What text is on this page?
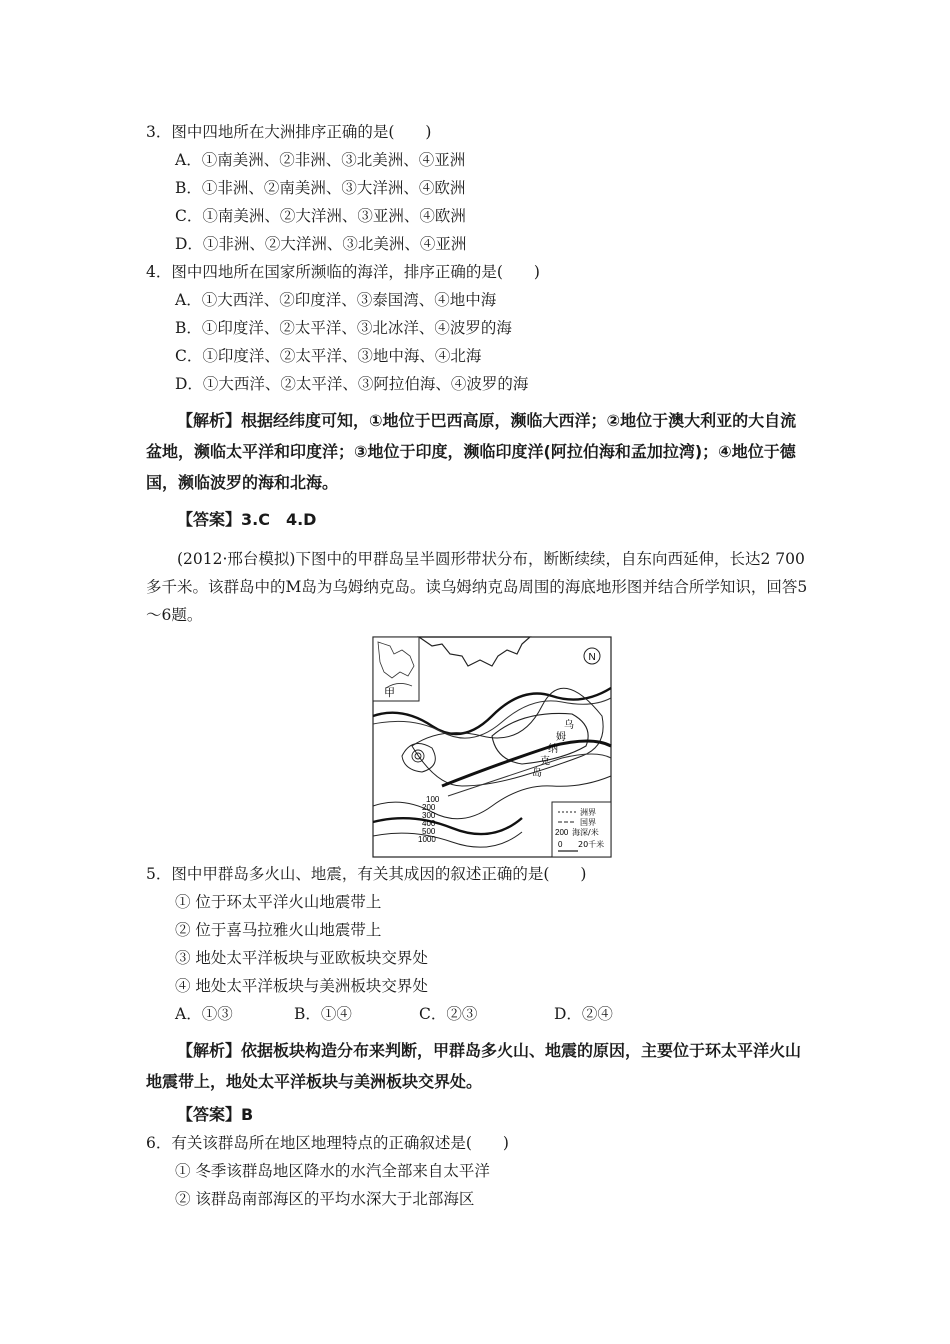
3．图中四地所在大洲排序正确的是(　　)
A．①南美洲、②非洲、③北美洲、④亚洲
B．①非洲、②南美洲、③大洋洲、④欧洲
C．①南美洲、②大洋洲、③亚洲、④欧洲
D．①非洲、②大洋洲、③北美洲、④亚洲
4．图中四地所在国家所濒临的海洋，排序正确的是(　　)
A．①大西洋、②印度洋、③泰国湾、④地中海
B．①印度洋、②太平洋、③北冰洋、④波罗的海
C．①印度洋、②太平洋、③地中海、④北海
D．①大西洋、②太平洋、③阿拉伯海、④波罗的海
【解析】根据经纬度可知，①地位于巴西高原，濒临大西洋；②地位于澳大利亚的大自流盆地，濒临太平洋和印度洋；③地位于印度，濒临印度洋(阿拉伯海和孟加拉湾)；④地位于德国，濒临波罗的海和北海。
【答案】3.C　4.D
(2012·邢台模拟)下图中的甲群岛呈半圆形带状分布，断断续续，自东向西延伸，长达2 700多千米。该群岛中的M岛为乌姆纳克岛。读乌姆纳克岛周围的海底地形图并结合所学知识，回答5～6题。
N
甲
乌
姆
纳
克
岛
100
200
300
400
500
1000
洲界
国界
200 海深/米
0 20千米
5．图中甲群岛多火山、地震，有关其成因的叙述正确的是(　　)
① 位于环太平洋火山地震带上
② 位于喜马拉雅火山地震带上
③ 地处太平洋板块与亚欧板块交界处
④ 地处太平洋板块与美洲板块交界处
A．①③	B．①④	C．②③	D．②④
【解析】依据板块构造分布来判断，甲群岛多火山、地震的原因，主要位于环太平洋火山地震带上，地处太平洋板块与美洲板块交界处。
【答案】B
6．有关该群岛所在地区地理特点的正确叙述是(　　)
① 冬季该群岛地区降水的水汽全部来自太平洋
② 该群岛南部海区的平均水深大于北部海区
